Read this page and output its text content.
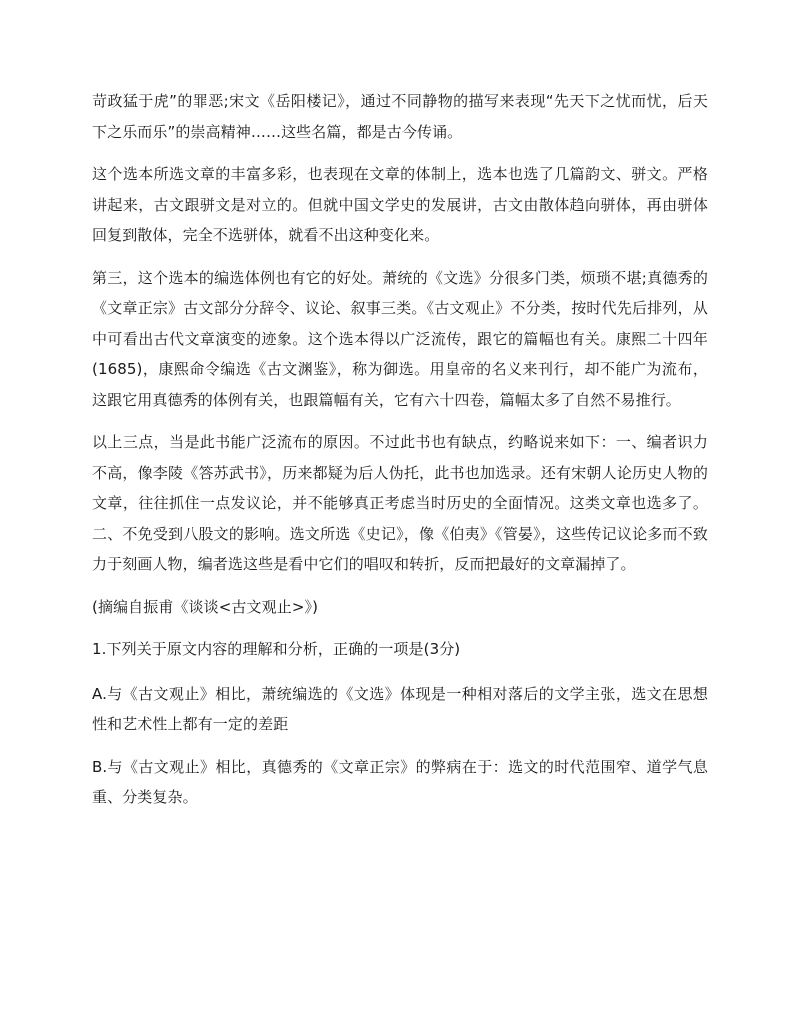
苛政猛于虎”的罪恶;宋文《岳阳楼记》，通过不同静物的描写来表现“先天下之忧而忧，后天下之乐而乐”的崇高精神……这些名篇，都是古今传诵。

这个选本所选文章的丰富多彩，也表现在文章的体制上，选本也选了几篇韵文、骈文。严格讲起来，古文跟骈文是对立的。但就中国文学史的发展讲，古文由散体趋向骈体，再由骈体回复到散体，完全不选骈体，就看不出这种变化来。

第三，这个选本的编选体例也有它的好处。萧统的《文选》分很多门类，烦琐不堪;真德秀的《文章正宗》古文部分分辞令、议论、叙事三类。《古文观止》不分类，按时代先后排列，从中可看出古代文章演变的迹象。这个选本得以广泛流传，跟它的篇幅也有关。康熙二十四年(1685)，康熙命令编选《古文渊鉴》，称为御选。用皇帝的名义来刊行，却不能广为流布，这跟它用真德秀的体例有关，也跟篇幅有关，它有六十四卷，篇幅太多了自然不易推行。

以上三点，当是此书能广泛流布的原因。不过此书也有缺点，约略说来如下：一、编者识力不高，像李陵《答苏武书》，历来都疑为后人伪托，此书也加选录。还有宋朝人论历史人物的文章，往往抓住一点发议论，并不能够真正考虑当时历史的全面情况。这类文章也选多了。二、不免受到八股文的影响。选文所选《史记》，像《伯夷》《管晏》，这些传记议论多而不致力于刻画人物，编者选这些是看中它们的唱叹和转折，反而把最好的文章漏掉了。

(摘编自振甫《谈谈<古文观止>》)

1.下列关于原文内容的理解和分析，正确的一项是(3分)

A.与《古文观止》相比，萧统编选的《文选》体现是一种相对落后的文学主张，选文在思想性和艺术性上都有一定的差距

B.与《古文观止》相比，真德秀的《文章正宗》的弊病在于：选文的时代范围窄、道学气息重、分类复杂。
